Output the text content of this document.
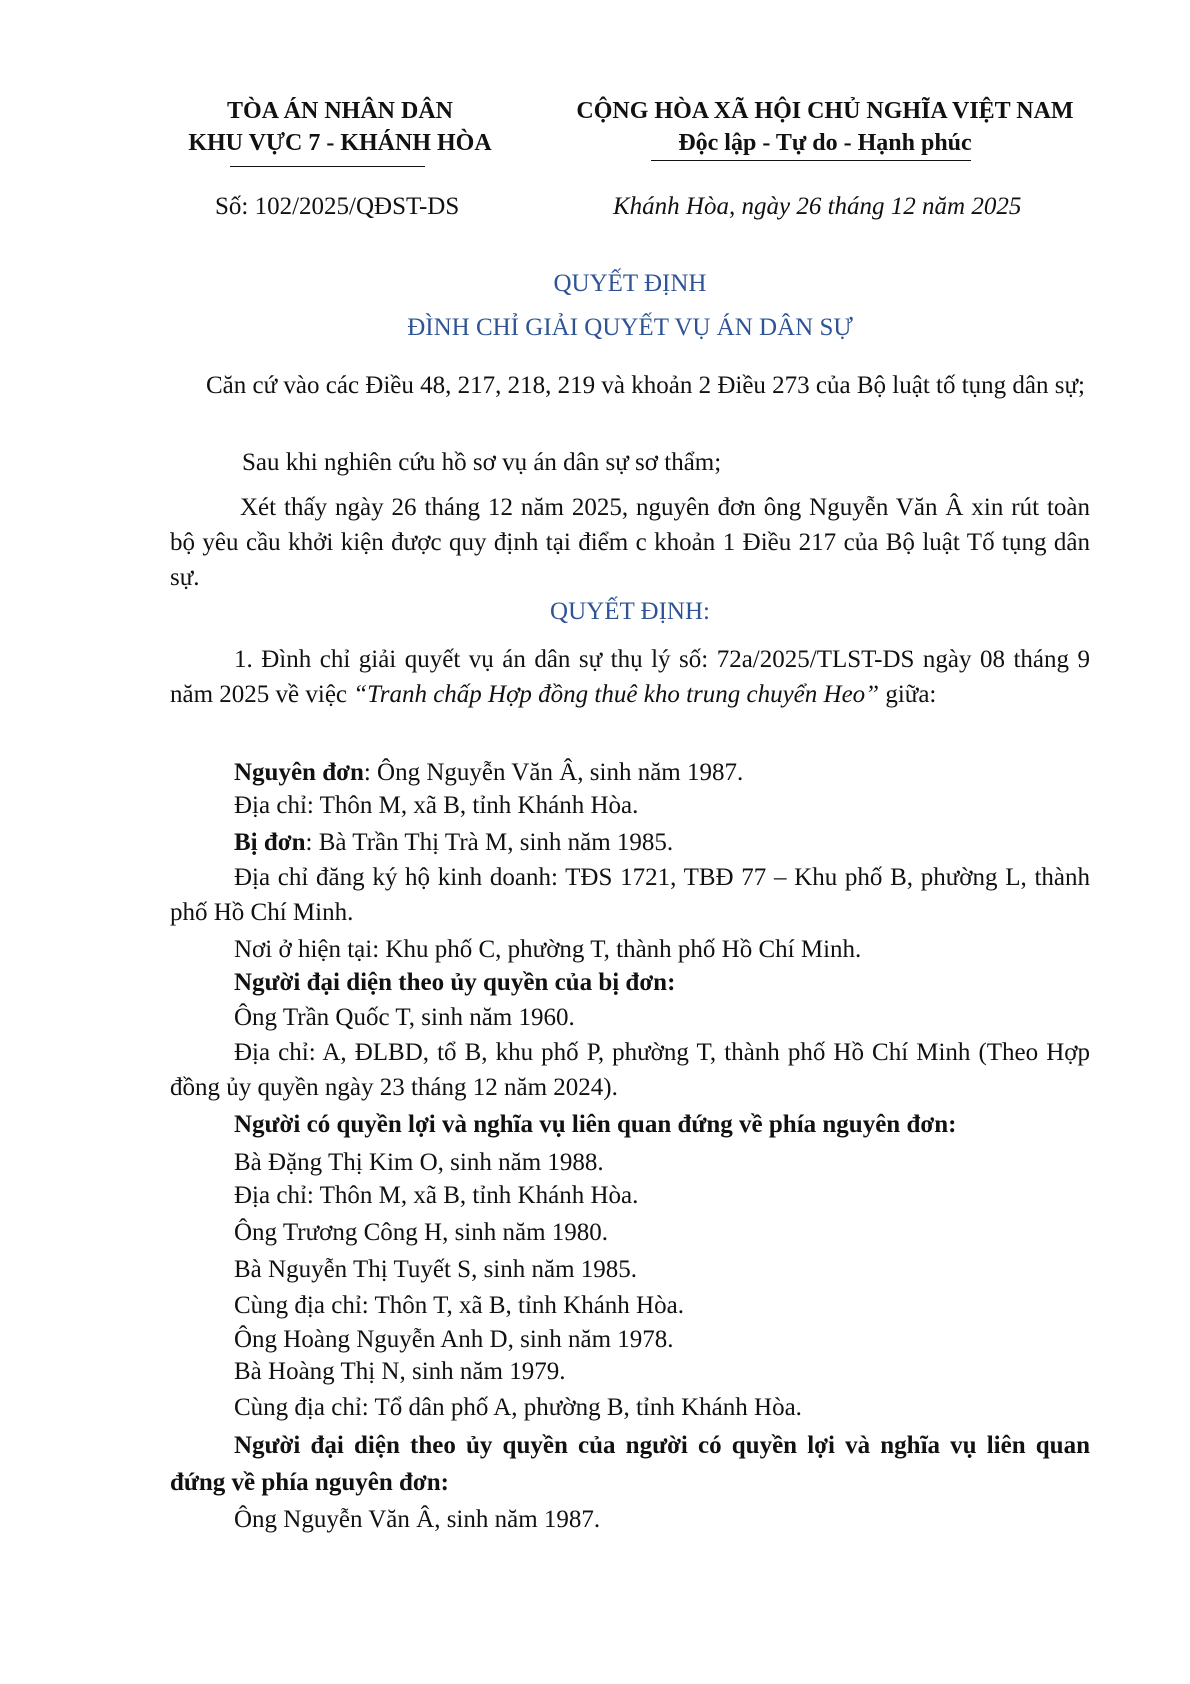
TÒA ÁN NHÂN DÂN
KHU VỰC 7 - KHÁNH HÒA
CỘNG HÒA XÃ HỘI CHỦ NGHĨA VIỆT NAM
Độc lập - Tự do - Hạnh phúc
Số: 102/2025/QĐST-DS	Khánh Hòa, ngày 26 tháng 12 năm 2025
QUYẾT ĐỊNH
ĐÌNH CHỈ GIẢI QUYẾT VỤ ÁN DÂN SỰ
Căn cứ vào các Điều 48, 217, 218, 219 và khoản 2 Điều 273 của Bộ luật tố tụng dân sự;
Sau khi nghiên cứu hồ sơ vụ án dân sự sơ thẩm;
Xét thấy ngày 26 tháng 12 năm 2025, nguyên đơn ông Nguyễn Văn Â xin rút toàn bộ yêu cầu khởi kiện được quy định tại điểm c khoản 1 Điều 217 của Bộ luật Tố tụng dân sự.
QUYẾT ĐỊNH:
1. Đình chỉ giải quyết vụ án dân sự thụ lý số: 72a/2025/TLST-DS ngày 08 tháng 9 năm 2025 về việc “Tranh chấp Hợp đồng thuê kho trung chuyển Heo” giữa:
Nguyên đơn: Ông Nguyễn Văn Â, sinh năm 1987.
Địa chỉ: Thôn M, xã B, tỉnh Khánh Hòa.
Bị đơn: Bà Trần Thị Trà M, sinh năm 1985.
Địa chỉ đăng ký hộ kinh doanh: TĐS 1721, TBĐ 77 – Khu phố B, phường L, thành phố Hồ Chí Minh.
Nơi ở hiện tại: Khu phố C, phường T, thành phố Hồ Chí Minh.
Người đại diện theo ủy quyền của bị đơn:
Ông Trần Quốc T, sinh năm 1960.
Địa chỉ: A, ĐLBD, tổ B, khu phố P, phường T, thành phố Hồ Chí Minh (Theo Hợp đồng ủy quyền ngày 23 tháng 12 năm 2024).
Người có quyền lợi và nghĩa vụ liên quan đứng về phía nguyên đơn:
Bà Đặng Thị Kim O, sinh năm 1988.
Địa chỉ: Thôn M, xã B, tỉnh Khánh Hòa.
Ông Trương Công H, sinh năm 1980.
Bà Nguyễn Thị Tuyết S, sinh năm 1985.
Cùng địa chỉ: Thôn T, xã B, tỉnh Khánh Hòa.
Ông Hoàng Nguyễn Anh D, sinh năm 1978.
Bà Hoàng Thị N, sinh năm 1979.
Cùng địa chỉ: Tổ dân phố A, phường B, tỉnh Khánh Hòa.
Người đại diện theo ủy quyền của người có quyền lợi và nghĩa vụ liên quan đứng về phía nguyên đơn:
Ông Nguyễn Văn Â, sinh năm 1987.
